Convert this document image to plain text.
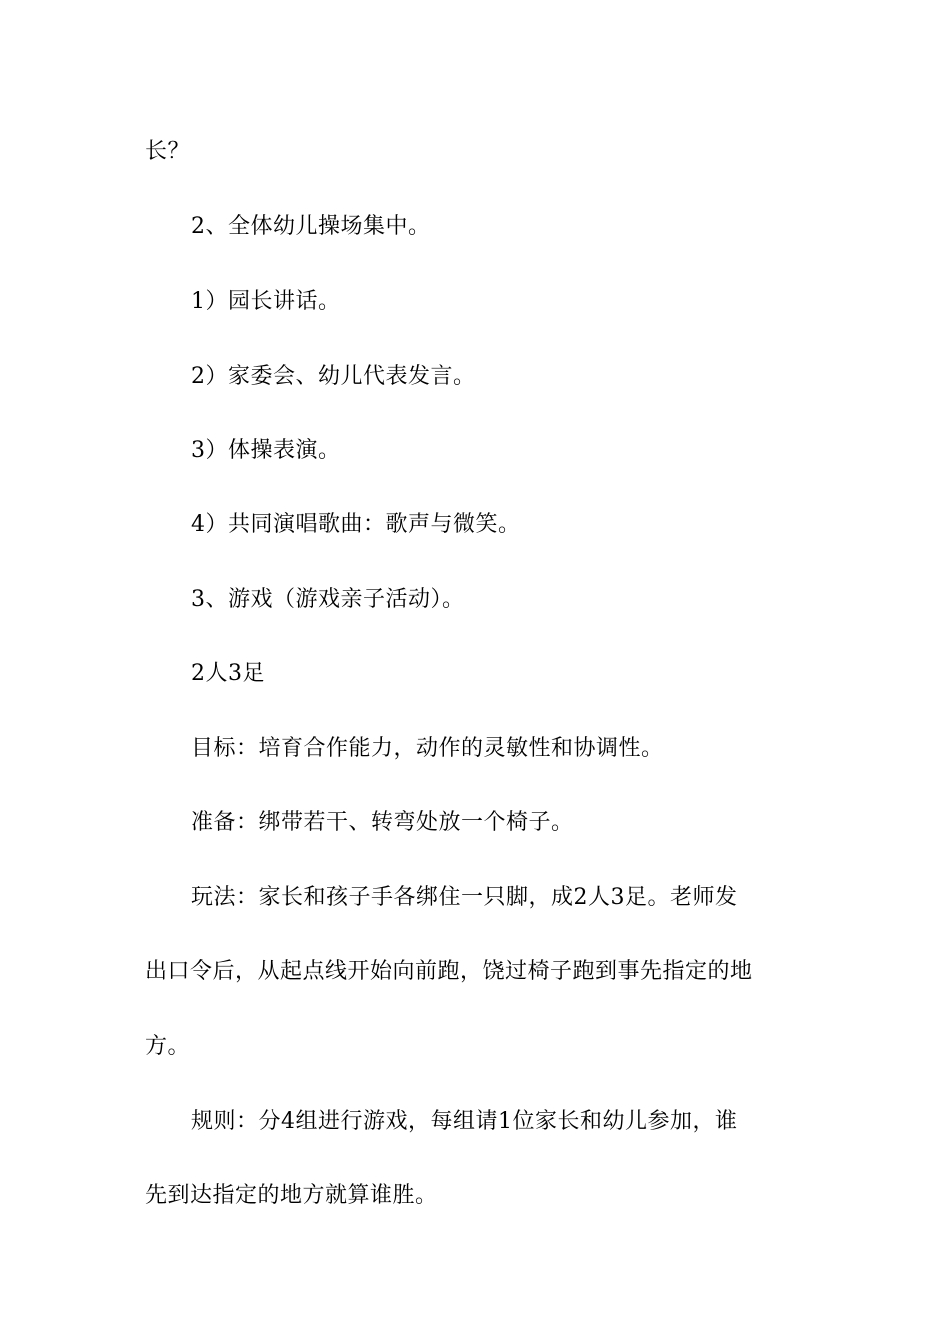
长？
2、全体幼儿操场集中。
1）园长讲话。
2）家委会、幼儿代表发言。
3）体操表演。
4）共同演唱歌曲：歌声与微笑。
3、游戏（游戏亲子活动）。
2人3足
目标：培育合作能力，动作的灵敏性和协调性。
准备：绑带若干、转弯处放一个椅子。
玩法：家长和孩子手各绑住一只脚，成2人3足。老师发
出口令后，从起点线开始向前跑，饶过椅子跑到事先指定的地
方。
规则：分4组进行游戏，每组请1位家长和幼儿参加，谁
先到达指定的地方就算谁胜。
